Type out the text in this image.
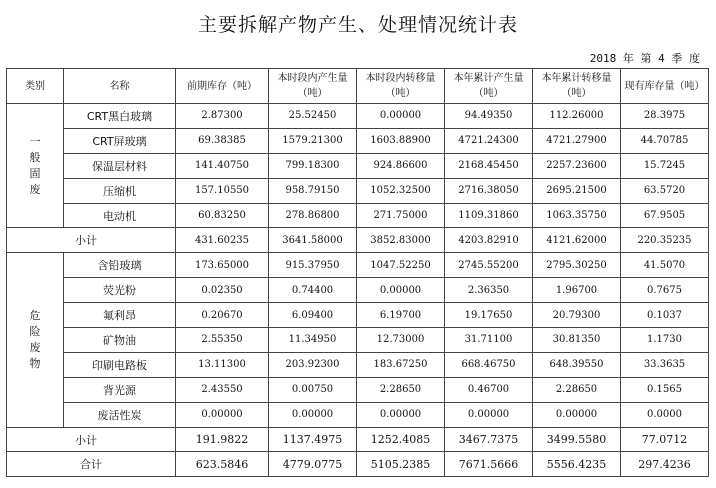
主要拆解产物产生、处理情况统计表
2018 年 第 4 季 度
类别	名称	前期库存（吨）	本时段内产生量（吨）	本时段内转移量（吨）	本年累计产生量（吨）	本年累计转移量（吨）	现有库存量（吨）
一
般
固
废	CRT黑白玻璃	2.87300	25.52450	0.00000	94.49350	112.26000	28.3975
	CRT屏玻璃	69.38385	1579.21300	1603.88900	4721.24300	4721.27900	44.70785
	保温层材料	141.40750	799.18300	924.86600	2168.45450	2257.23600	15.7245
	压缩机	157.10550	958.79150	1052.32500	2716.38050	2695.21500	63.5720
	电动机	60.83250	278.86800	271.75000	1109.31860	1063.35750	67.9505
小计		431.60235	3641.58000	3852.83000	4203.82910	4121.62000	220.35235
危
险
废
物	含铅玻璃	173.65000	915.37950	1047.52250	2745.55200	2795.30250	41.5070
	荧光粉	0.02350	0.74400	0.00000	2.36350	1.96700	0.7675
	氟利昂	0.20670	6.09400	6.19700	19.17650	20.79300	0.1037
	矿物油	2.55350	11.34950	12.73000	31.71100	30.81350	1.1730
	印刷电路板	13.11300	203.92300	183.67250	668.46750	648.39550	33.3635
	背光源	2.43550	0.00750	2.28650	0.46700	2.28650	0.1565
	废活性炭	0.00000	0.00000	0.00000	0.00000	0.00000	0.0000
小计		191.9822	1137.4975	1252.4085	3467.7375	3499.5580	77.0712
合计		623.5846	4779.0775	5105.2385	7671.5666	5556.4235	297.4236
